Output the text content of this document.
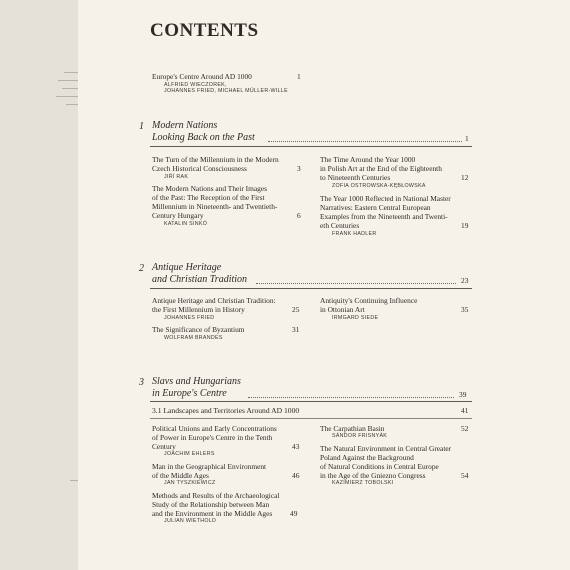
CONTENTS
Europe's Centre Around AD 1000	1
ALFRIED WIECZOREK,
JOHANNES FRIED, MICHAEL MÜLLER-WILLE
1 Modern Nations
Looking Back on the Past	1
The Turn of the Millennium in the Modern
Czech Historical Consciousness	3
JIŘÍ RAK
The Modern Nations and Their Images
of the Past: The Reception of the First
Millennium in Nineteenth- and Twentieth-
Century Hungary	6
KATALIN SINKÓ
The Time Around the Year 1000
in Polish Art at the End of the Eighteenth
to Nineteenth Centuries	12
ZOFIA OSTROWSKA-KĘBŁOWSKA
The Year 1000 Reflected in National Master
Narratives: Eastern Central European
Examples from the Nineteenth and Twenti-
eth Centuries	19
FRANK HADLER
2 Antique Heritage
and Christian Tradition	23
Antique Heritage and Christian Tradition:
the First Millennium in History	25
JOHANNES FRIED
The Significance of Byzantium	31
WOLFRAM BRANDES
Antiquity's Continuing Influence
in Ottonian Art	35
IRMGARD SIEDE
3 Slavs and Hungarians
in Europe's Centre	39
3.1 Landscapes and Territories Around AD 1000	41
Political Unions and Early Concentrations
of Power in Europe's Centre in the Tenth
Century	43
JOACHIM EHLERS
Man in the Geographical Environment
of the Middle Ages	46
JAN TYSZKIEWICZ
Methods and Results of the Archaeological
Study of the Relationship between Man
and the Environment in the Middle Ages	49
JULIAN WIETHOLD
The Carpathian Basin	52
SÁNDOR FRISNYÁK
The Natural Environment in Central Greater
Poland Against the Background
of Natural Conditions in Central Europe
in the Age of the Gniezno Congress	54
KAZIMIERZ TOBOLSKI
